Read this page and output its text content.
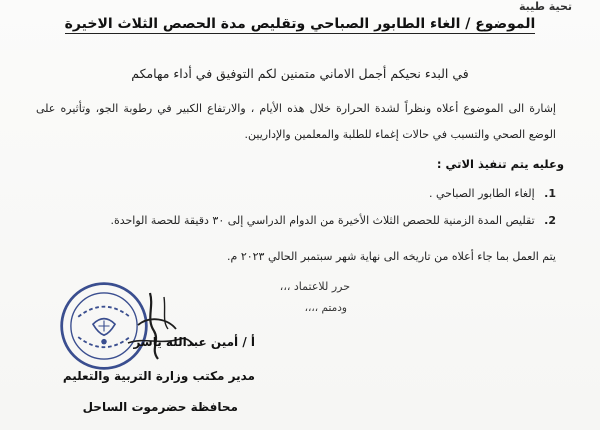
تحية طيبة
الموضوع / الغاء الطابور الصباحي وتقليص مدة الحصص الثلاث الاخيرة
في البدء نحيكم أجمل الاماني متمنين لكم التوفيق في أداء مهامكم
إشارة الى الموضوع أعلاه ونظراً لشدة الحرارة خلال هذه الأيام ، والارتفاع الكبير في رطوبة الجو، وتأثيره على الوضع الصحي والتسبب في حالات إغماء للطلبة والمعلمين والإداريين.
وعليه يتم تنفيذ الاتي :
1. إلغاء الطابور الصباحي .
2. تقليص المدة الزمنية للحصص الثلاث الأخيرة من الدوام الدراسي إلى ٣٠ دقيقة للحصة الواحدة.
يتم العمل بما جاء أعلاه من تاريخه الى نهاية شهر سبتمبر الحالي ٢٠٢٣ م.
حرر للاعتماد ،،،
ودمتم ،،،،
أ / أمين عبدالله ياسر
مدير مكتب وزارة التربية والتعليم
محافظة حضرموت الساحل
